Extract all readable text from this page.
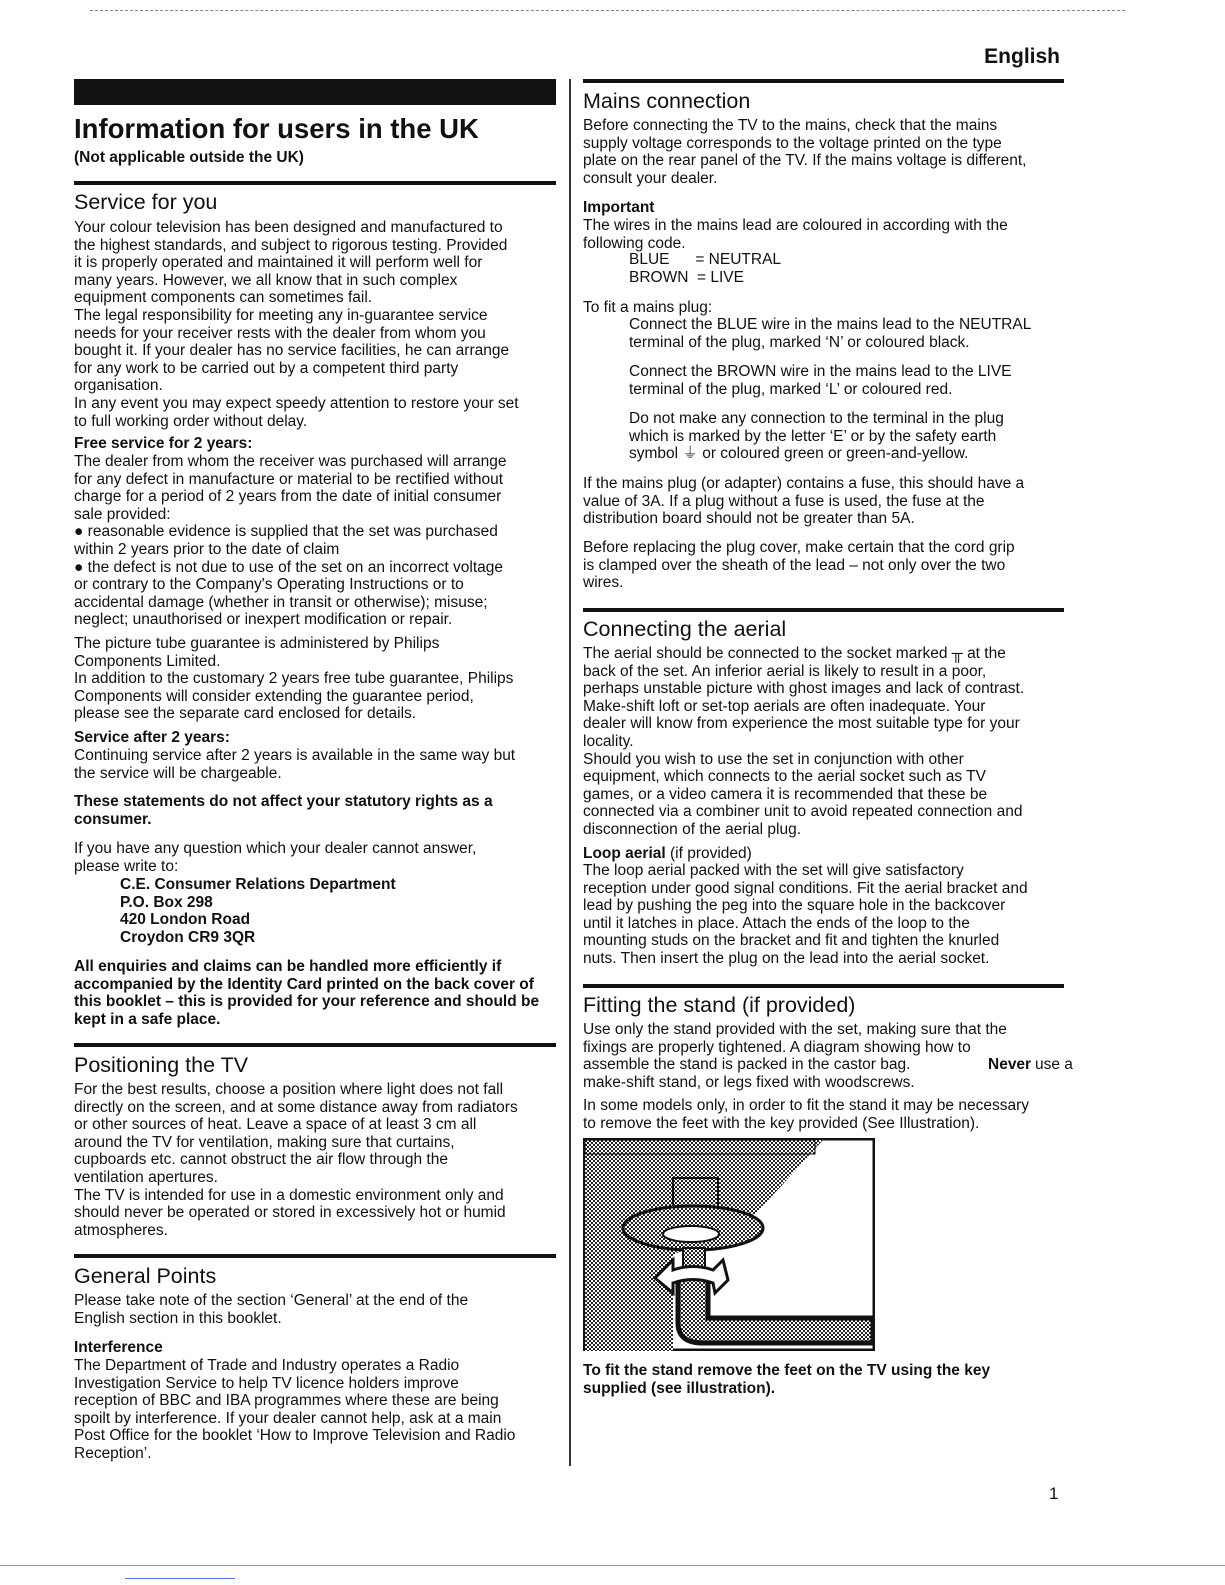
English
1
Information for users in the UK
(Not applicable outside the UK)
Service for you
Your colour television has been designed and manufactured to
the highest standards, and subject to rigorous testing. Provided
it is properly operated and maintained it will perform well for
many years. However, we all know that in such complex
equipment components can sometimes fail.
The legal responsibility for meeting any in-guarantee service
needs for your receiver rests with the dealer from whom you
bought it. If your dealer has no service facilities, he can arrange
for any work to be carried out by a competent third party
organisation.
In any event you may expect speedy attention to restore your set
to full working order without delay.
Free service for 2 years:
The dealer from whom the receiver was purchased will arrange
for any defect in manufacture or material to be rectified without
charge for a period of 2 years from the date of initial consumer
sale provided:
● reasonable evidence is supplied that the set was purchased
within 2 years prior to the date of claim
● the defect is not due to use of the set on an incorrect voltage
or contrary to the Company's Operating Instructions or to
accidental damage (whether in transit or otherwise); misuse;
neglect; unauthorised or inexpert modification or repair.
The picture tube guarantee is administered by Philips
Components Limited.
In addition to the customary 2 years free tube guarantee, Philips
Components will consider extending the guarantee period,
please see the separate card enclosed for details.
Service after 2 years:
Continuing service after 2 years is available in the same way but
the service will be chargeable.
These statements do not affect your statutory rights as a
consumer.
If you have any question which your dealer cannot answer,
please write to:
C.E. Consumer Relations Department
P.O. Box 298
420 London Road
Croydon CR9 3QR
All enquiries and claims can be handled more efficiently if
accompanied by the Identity Card printed on the back cover of
this booklet – this is provided for your reference and should be
kept in a safe place.
Positioning the TV
For the best results, choose a position where light does not fall
directly on the screen, and at some distance away from radiators
or other sources of heat. Leave a space of at least 3 cm all
around the TV for ventilation, making sure that curtains,
cupboards etc. cannot obstruct the air flow through the
ventilation apertures.
The TV is intended for use in a domestic environment only and
should never be operated or stored in excessively hot or humid
atmospheres.
General Points
Please take note of the section ‘General’ at the end of the
English section in this booklet.
Interference
The Department of Trade and Industry operates a Radio
Investigation Service to help TV licence holders improve
reception of BBC and IBA programmes where these are being
spoilt by interference. If your dealer cannot help, ask at a main
Post Office for the booklet ‘How to Improve Television and Radio
Reception’.
Mains connection
Before connecting the TV to the mains, check that the mains
supply voltage corresponds to the voltage printed on the type
plate on the rear panel of the TV. If the mains voltage is different,
consult your dealer.
Important
The wires in the mains lead are coloured in according with the
following code.
BLUE      = NEUTRAL
BROWN  = LIVE
To fit a mains plug:
Connect the BLUE wire in the mains lead to the NEUTRAL
terminal of the plug, marked ‘N’ or coloured black.
Connect the BROWN wire in the mains lead to the LIVE
terminal of the plug, marked ‘L’ or coloured red.
Do not make any connection to the terminal in the plug
which is marked by the letter ‘E’ or by the safety earth
symbol ⏚ or coloured green or green-and-yellow.
If the mains plug (or adapter) contains a fuse, this should have a
value of 3A. If a plug without a fuse is used, the fuse at the
distribution board should not be greater than 5A.
Before replacing the plug cover, make certain that the cord grip
is clamped over the sheath of the lead – not only over the two
wires.
Connecting the aerial
The aerial should be connected to the socket marked ╥ at the
back of the set. An inferior aerial is likely to result in a poor,
perhaps unstable picture with ghost images and lack of contrast.
Make-shift loft or set-top aerials are often inadequate. Your
dealer will know from experience the most suitable type for your
locality.
Should you wish to use the set in conjunction with other
equipment, which connects to the aerial socket such as TV
games, or a video camera it is recommended that these be
connected via a combiner unit to avoid repeated connection and
disconnection of the aerial plug.
Loop aerial (if provided)
The loop aerial packed with the set will give satisfactory
reception under good signal conditions. Fit the aerial bracket and
lead by pushing the peg into the square hole in the backcover
until it latches in place. Attach the ends of the loop to the
mounting studs on the bracket and fit and tighten the knurled
nuts. Then insert the plug on the lead into the aerial socket.
Fitting the stand (if provided)
Use only the stand provided with the set, making sure that the
fixings are properly tightened. A diagram showing how to
assemble the stand is packed in the castor bag.	Never use a
make-shift stand, or legs fixed with woodscrews.
In some models only, in order to fit the stand it may be necessary
to remove the feet with the key provided (See Illustration).
To fit the stand remove the feet on the TV using the key
supplied (see illustration).
